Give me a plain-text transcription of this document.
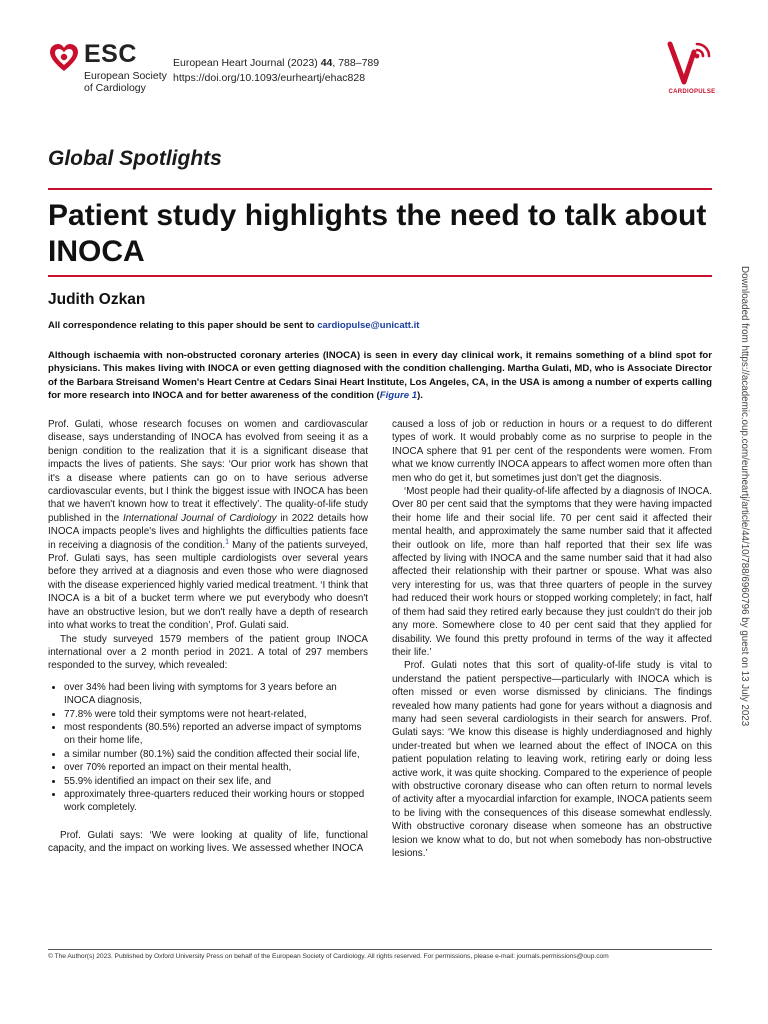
ESC
European Society
of Cardiology
European Heart Journal (2023) 44, 788–789
https://doi.org/10.1093/eurheartj/ehac828
CARDIOPULSE
Global Spotlights
Patient study highlights the need to talk about INOCA
Judith Ozkan
All correspondence relating to this paper should be sent to cardiopulse@unicatt.it
Although ischaemia with non-obstructed coronary arteries (INOCA) is seen in every day clinical work, it remains something of a blind spot for physicians. This makes living with INOCA or even getting diagnosed with the condition challenging. Martha Gulati, MD, who is Associate Director of the Barbara Streisand Women's Heart Centre at Cedars Sinai Heart Institute, Los Angeles, CA, in the USA is among a number of experts calling for more research into INOCA and for better awareness of the condition (Figure 1).

Prof. Gulati, whose research focuses on women and cardiovascular disease, says understanding of INOCA has evolved from seeing it as a benign condition to the realization that it is a significant disease that impacts the lives of patients. She says: ‘Our prior work has shown that it's a disease where patients can go on to have serious adverse cardiovascular events, but I think the biggest issue with INOCA has been that we haven't known how to treat it effectively’. The quality-of-life study published in the International Journal of Cardiology in 2022 details how INOCA impacts people's lives and highlights the difficulties patients face in receiving a diagnosis of the condition.$^1$ Many of the patients surveyed, Prof. Gulati says, has seen multiple cardiologists over several years before they arrived at a diagnosis and even those who were diagnosed with the disease experienced highly varied medical treatment. ‘I think that INOCA is a bit of a bucket term where we put everybody who doesn't have an obstructive lesion, but we don't really have a depth of research into what works to treat the condition’, Prof. Gulati said.

The study surveyed 1579 members of the patient group INOCA international over a 2 month period in 2021. A total of 297 members responded to the survey, which revealed:

• over 34% had been living with symptoms for 3 years before an INOCA diagnosis,
• 77.8% were told their symptoms were not heart-related,
• most respondents (80.5%) reported an adverse impact of symptoms on their home life,
• a similar number (80.1%) said the condition affected their social life,
• over 70% reported an impact on their mental health,
• 55.9% identified an impact on their sex life, and
• approximately three-quarters reduced their working hours or stopped work completely.

Prof. Gulati says: ‘We were looking at quality of life, functional capacity, and the impact on working lives. We assessed whether INOCA

caused a loss of job or reduction in hours or a request to do different types of work. It would probably come as no surprise to people in the INOCA sphere that 91 per cent of the respondents were women. From what we know currently INOCA appears to affect women more often than men who do get it, but sometimes just don't get the diagnosis.

‘Most people had their quality-of-life affected by a diagnosis of INOCA. Over 80 per cent said that the symptoms that they were having impacted their home life and their social life. 70 per cent said it affected their mental health, and approximately the same number said that it affected their outlook on life, more than half reported that their sex life was affected by living with INOCA and the same number said that it had also affected their relationship with their partner or spouse. What was also very interesting for us, was that three quarters of people in the survey had reduced their work hours or stopped working completely; in fact, half of them had said they retired early because they just couldn't do their job any more. Somewhere close to 40 per cent said that they applied for disability. We found this pretty profound in terms of the way it affected their life.’

Prof. Gulati notes that this sort of quality-of-life study is vital to understand the patient perspective—particularly with INOCA which is often missed or even worse dismissed by clinicians. The findings revealed how many patients had gone for years without a diagnosis and many had seen several cardiologists in their search for answers. Prof. Gulati says: ‘We know this disease is highly underdiagnosed and highly under-treated but when we learned about the effect of INOCA on this patient population relating to leaving work, retiring early or doing less active work, it was quite shocking. Compared to the experience of people with obstructive coronary disease who can often return to normal levels of activity after a myocardial infarction for example, INOCA patients seem to be living with the consequences of this disease somewhat endlessly. With obstructive coronary disease when someone has an obstructive lesion we know what to do, but not when somebody has non-obstructive lesions.’

© The Author(s) 2023. Published by Oxford University Press on behalf of the European Society of Cardiology. All rights reserved. For permissions, please e-mail: journals.permissions@oup.com
Downloaded from https://academic.oup.com/eurheartj/article/44/10/788/6960796 by guest on 13 July 2023
